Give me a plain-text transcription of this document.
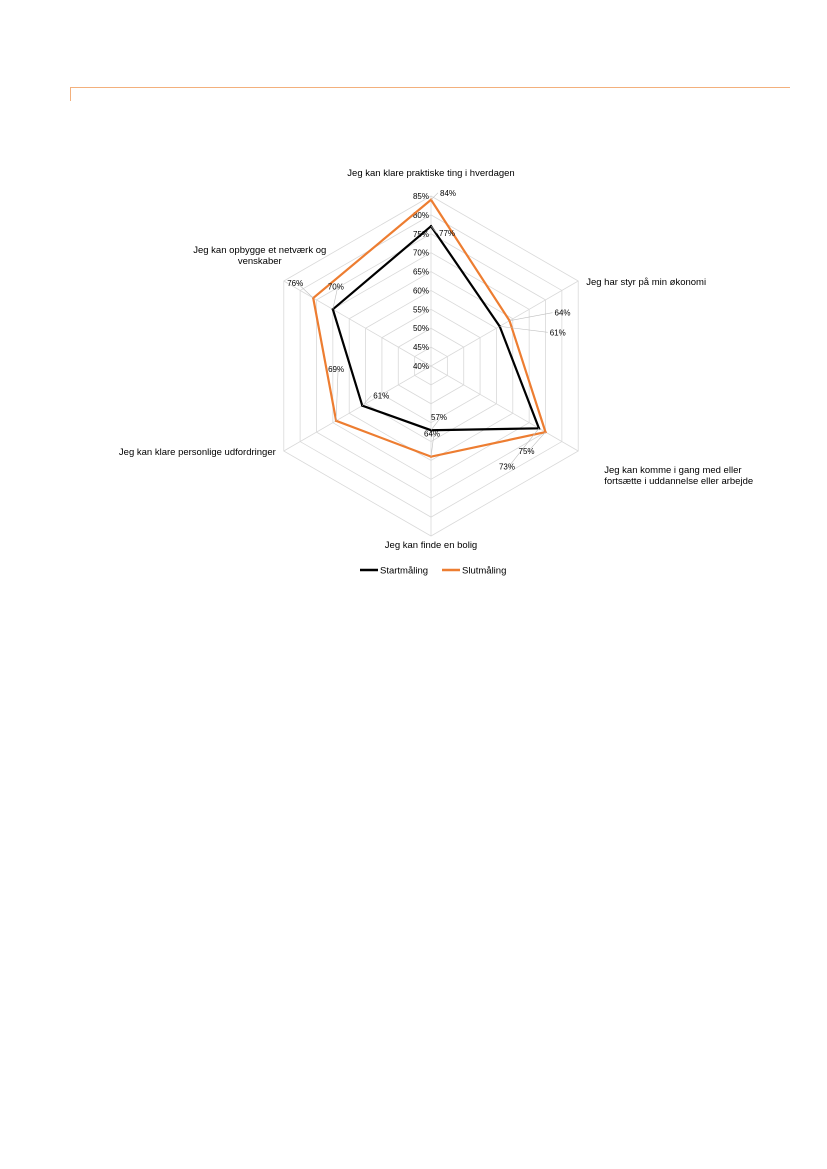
40%
45%
50%
55%
60%
65%
70%
75%
80%
85%
Jeg kan klare praktiske ting i hverdagen
Jeg har styr på min økonomi
Jeg kan komme i gang med eller
fortsætte i uddannelse eller arbejde
Jeg kan finde en bolig
Jeg kan klare personlige udfordringer
Jeg kan opbygge et netværk og
venskaber
77%
61%
73%
57%
61%
70%
84%
64%
75%
64%
69%
76%
Startmåling	Slutmåling
